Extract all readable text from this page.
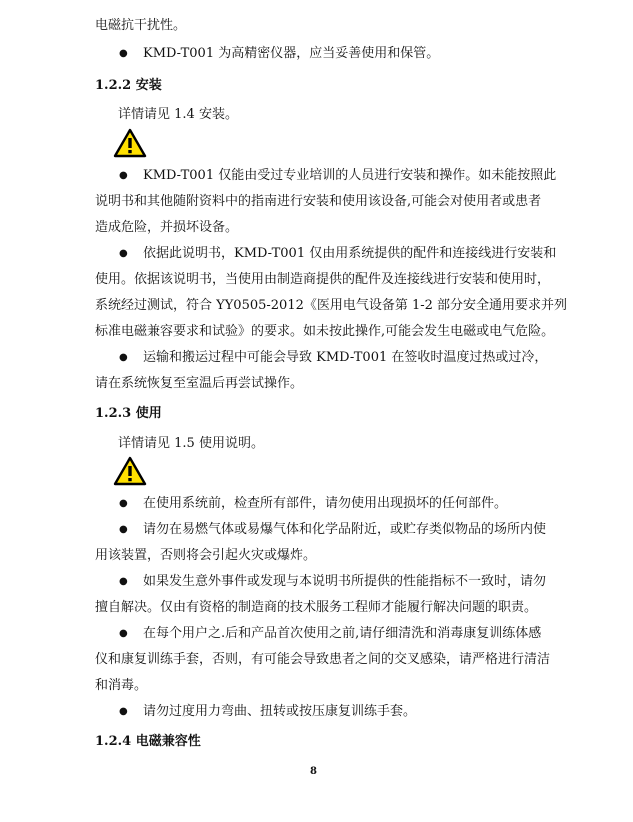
电磁抗干扰性。
● KMD-T001 为高精密仪器，应当妥善使用和保管。
1.2.2 安装
详情请见 1.4 安装。
● KMD-T001 仅能由受过专业培训的人员进行安装和操作。如未能按照此
说明书和其他随附资料中的指南进行安装和使用该设备,可能会对使用者或患者
造成危险，并损坏设备。
● 依据此说明书，KMD-T001 仅由用系统提供的配件和连接线进行安装和
使用。依据该说明书，当使用由制造商提供的配件及连接线进行安装和使用时，
系统经过测试，符合 YY0505-2012《医用电气设备第 1-2 部分安全通用要求并列
标准电磁兼容要求和试验》的要求。如未按此操作,可能会发生电磁或电气危险。
● 运输和搬运过程中可能会导致 KMD-T001 在签收时温度过热或过冷，
请在系统恢复至室温后再尝试操作。
1.2.3 使用
详情请见 1.5 使用说明。
● 在使用系统前，检查所有部件，请勿使用出现损坏的任何部件。
● 请勿在易燃气体或易爆气体和化学品附近，或贮存类似物品的场所内使
用该装置，否则将会引起火灾或爆炸。
● 如果发生意外事件或发现与本说明书所提供的性能指标不一致时，请勿
擅自解决。仅由有资格的制造商的技术服务工程师才能履行解决问题的职责。
● 在每个用户之.后和产品首次使用之前,请仔细清洗和消毒康复训练体感
仪和康复训练手套，否则，有可能会导致患者之间的交叉感染，请严格进行清洁
和消毒。
● 请勿过度用力弯曲、扭转或按压康复训练手套。
1.2.4 电磁兼容性
8
